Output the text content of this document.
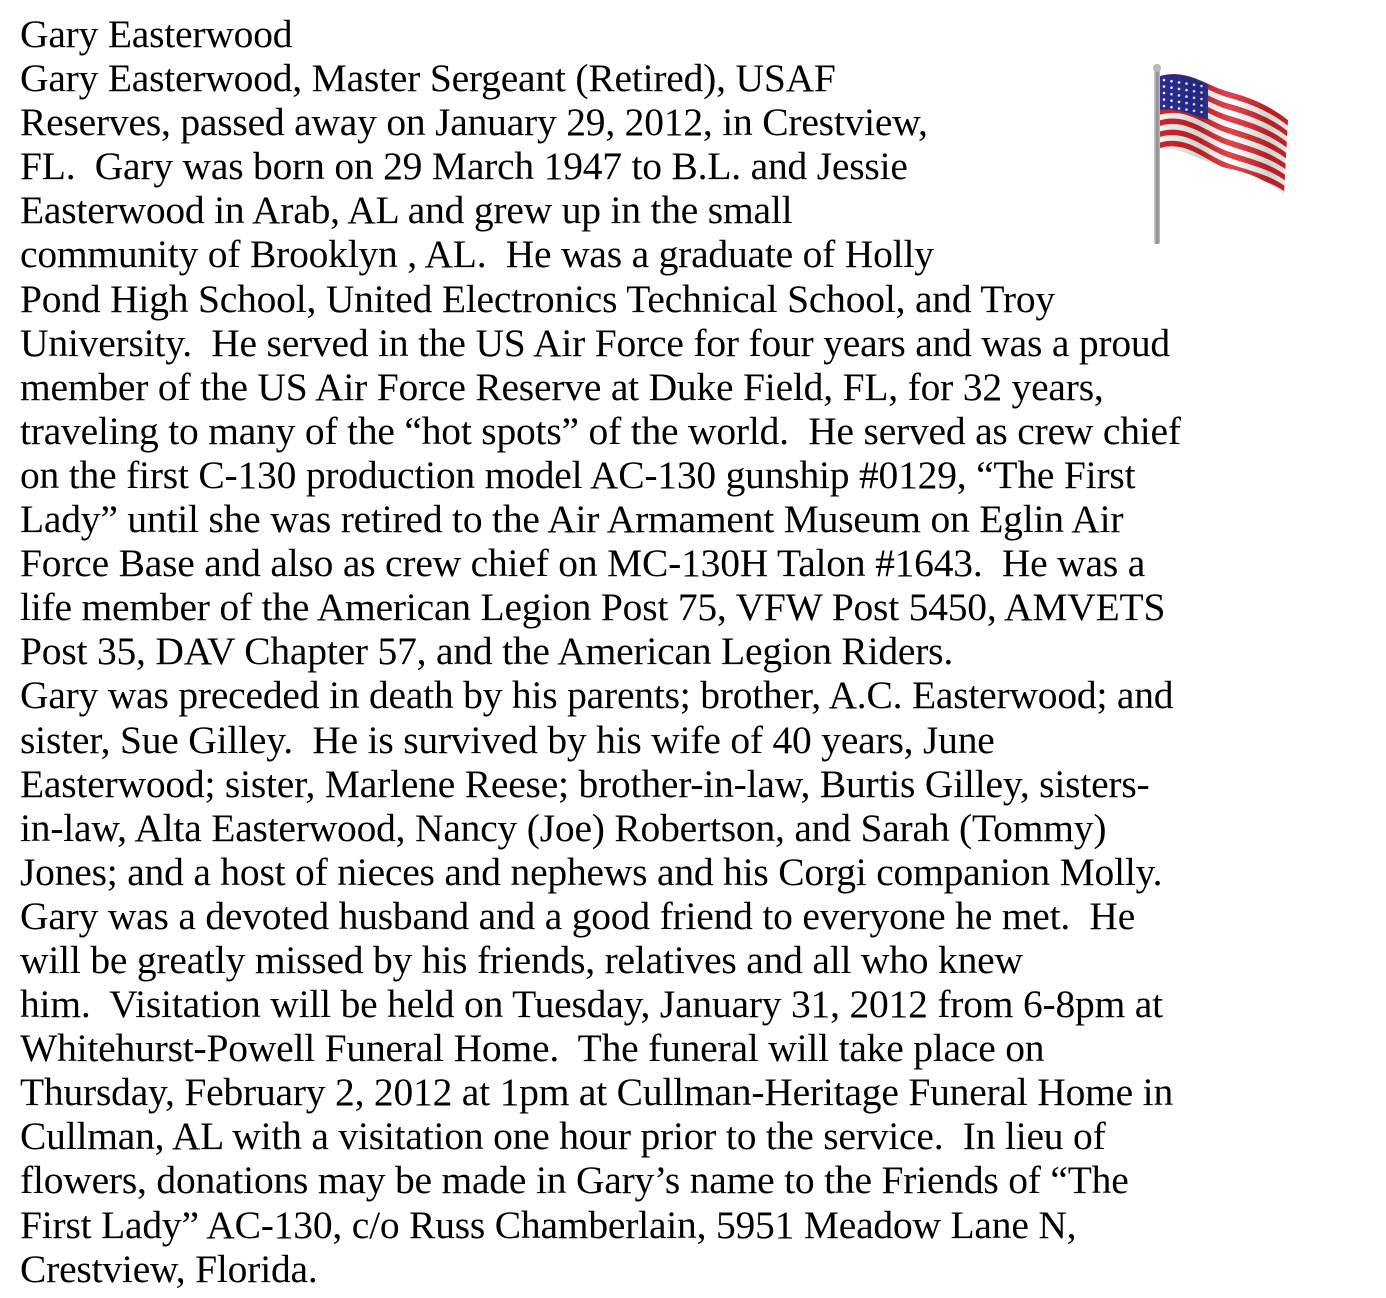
Gary Easterwood
Gary Easterwood, Master Sergeant (Retired), USAF
Reserves, passed away on January 29, 2012, in Crestview,
FL.  Gary was born on 29 March 1947 to B.L. and Jessie
Easterwood in Arab, AL and grew up in the small
community of Brooklyn , AL.  He was a graduate of Holly
Pond High School, United Electronics Technical School, and Troy
University.  He served in the US Air Force for four years and was a proud
member of the US Air Force Reserve at Duke Field, FL, for 32 years,
traveling to many of the “hot spots” of the world.  He served as crew chief
on the first C-130 production model AC-130 gunship #0129, “The First
Lady” until she was retired to the Air Armament Museum on Eglin Air
Force Base and also as crew chief on MC-130H Talon #1643.  He was a
life member of the American Legion Post 75, VFW Post 5450, AMVETS
Post 35, DAV Chapter 57, and the American Legion Riders.
Gary was preceded in death by his parents; brother, A.C. Easterwood; and
sister, Sue Gilley.  He is survived by his wife of 40 years, June
Easterwood; sister, Marlene Reese; brother-in-law, Burtis Gilley, sisters-
in-law, Alta Easterwood, Nancy (Joe) Robertson, and Sarah (Tommy)
Jones; and a host of nieces and nephews and his Corgi companion Molly.
Gary was a devoted husband and a good friend to everyone he met.  He
will be greatly missed by his friends, relatives and all who knew
him.  Visitation will be held on Tuesday, January 31, 2012 from 6-8pm at
Whitehurst-Powell Funeral Home.  The funeral will take place on
Thursday, February 2, 2012 at 1pm at Cullman-Heritage Funeral Home in
Cullman, AL with a visitation one hour prior to the service.  In lieu of
flowers, donations may be made in Gary’s name to the Friends of “The
First Lady” AC-130, c/o Russ Chamberlain, 5951 Meadow Lane N,
Crestview, Florida.
